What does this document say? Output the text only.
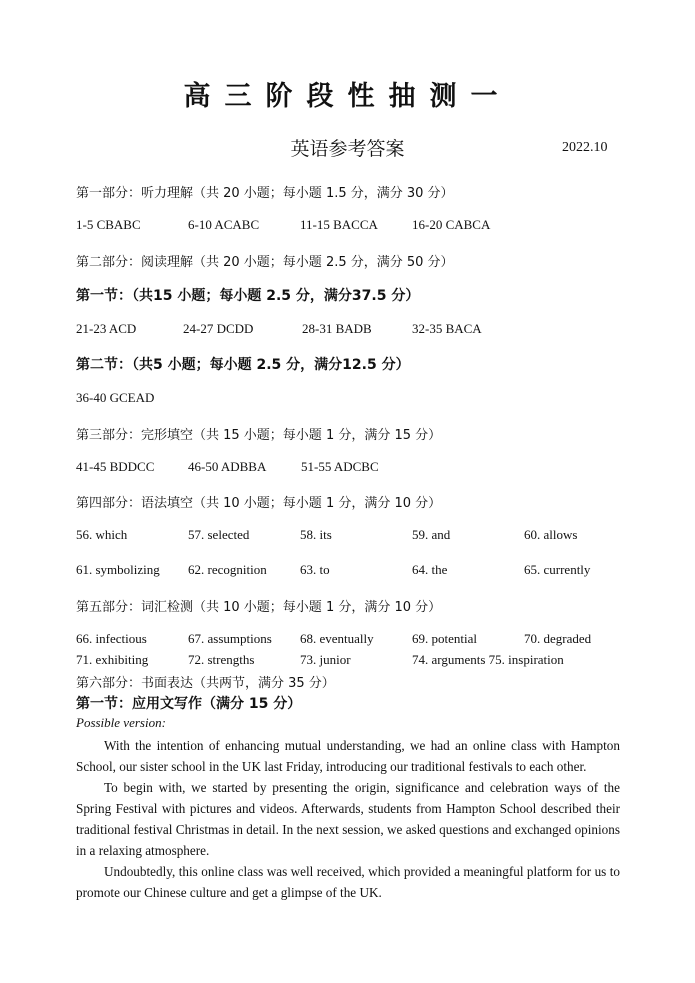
高三阶段性抽测一
英语参考答案	2022.10
第一部分：听力理解（共 20 小题；每小题 1.5 分，满分 30 分）
1-5 CBABC	6-10 ACABC	11-15 BACCA	16-20 CABCA
第二部分：阅读理解（共 20 小题；每小题 2.5 分，满分 50 分）
第一节：（共15 小题；每小题 2.5 分，满分37.5 分）
21-23 ACD	24-27 DCDD	28-31 BADB	32-35 BACA
第二节：（共5 小题；每小题 2.5 分，满分12.5 分）
36-40 GCEAD
第三部分：完形填空（共 15 小题；每小题 1 分，满分 15 分）
41-45 BDDCC	46-50 ADBBA	51-55 ADCBC
第四部分：语法填空（共 10 小题；每小题 1 分，满分 10 分）
56. which	57. selected	58. its	59. and	60. allows
61. symbolizing 62. recognition	63. to	64. the	65. currently
第五部分：词汇检测（共 10 小题；每小题 1 分，满分 10 分）
66. infectious	67. assumptions 68. eventually	69. potential	70. degraded
71. exhibiting	72. strengths	73. junior	74. arguments 75. inspiration
第六部分：书面表达（共两节，满分 35 分）
第一节：应用文写作（满分 15 分）
Possible version:

With the intention of enhancing mutual understanding, we had an online class with Hampton School, our sister school in the UK last Friday, introducing our traditional festivals to each other.

To begin with, we started by presenting the origin, significance and celebration ways of the Spring Festival with pictures and videos. Afterwards, students from Hampton School described their traditional festival Christmas in detail. In the next session, we asked questions and exchanged opinions in a relaxing atmosphere.

Undoubtedly, this online class was well received, which provided a meaningful platform for us to promote our Chinese culture and get a glimpse of the UK.
